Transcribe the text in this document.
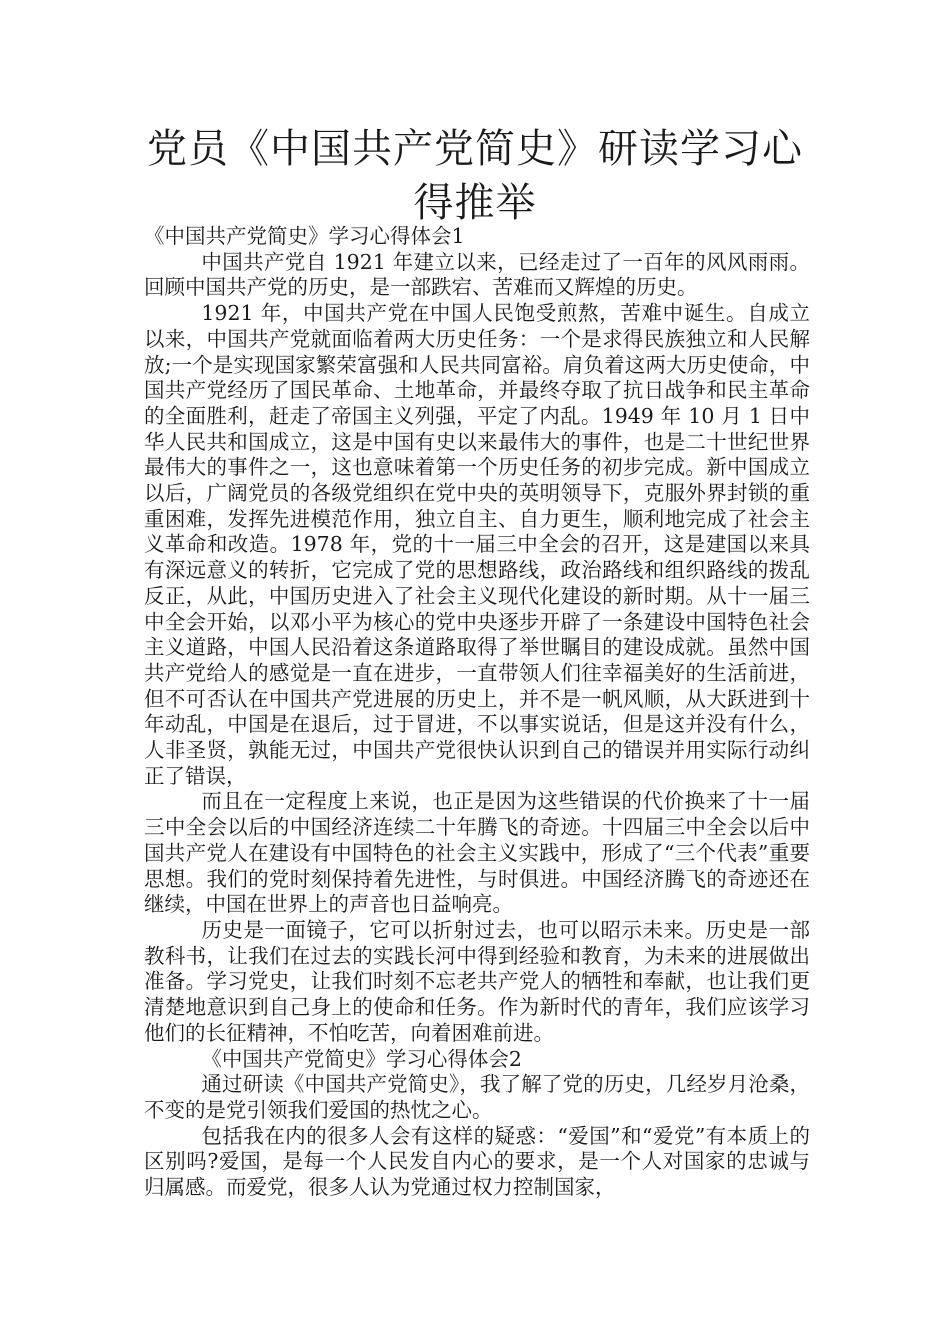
党员《中国共产党简史》研读学习心得推举

《中国共产党简史》学习心得体会1

中国共产党自 1921 年建立以来，已经走过了一百年的风风雨雨。回顾中国共产党的历史，是一部跌宕、苦难而又辉煌的历史。

1921 年，中国共产党在中国人民饱受煎熬，苦难中诞生。自成立以来，中国共产党就面临着两大历史任务：一个是求得民族独立和人民解放;一个是实现国家繁荣富强和人民共同富裕。肩负着这两大历史使命，中国共产党经历了国民革命、土地革命，并最终夺取了抗日战争和民主革命的全面胜利，赶走了帝国主义列强，平定了内乱。1949 年 10 月 1 日中华人民共和国成立，这是中国有史以来最伟大的事件，也是二十世纪世界最伟大的事件之一，这也意味着第一个历史任务的初步完成。新中国成立以后，广阔党员的各级党组织在党中央的英明领导下，克服外界封锁的重重困难，发挥先进模范作用，独立自主、自力更生，顺利地完成了社会主义革命和改造。1978 年，党的十一届三中全会的召开，这是建国以来具有深远意义的转折，它完成了党的思想路线，政治路线和组织路线的拨乱反正，从此，中国历史进入了社会主义现代化建设的新时期。从十一届三中全会开始，以邓小平为核心的党中央逐步开辟了一条建设中国特色社会主义道路，中国人民沿着这条道路取得了举世瞩目的建设成就。虽然中国共产党给人的感觉是一直在进步，一直带领人们往幸福美好的生活前进，但不可否认在中国共产党进展的历史上，并不是一帆风顺，从大跃进到十年动乱，中国是在退后，过于冒进，不以事实说话，但是这并没有什么，人非圣贤，孰能无过，中国共产党很快认识到自己的错误并用实际行动纠正了错误，

而且在一定程度上来说，也正是因为这些错误的代价换来了十一届三中全会以后的中国经济连续二十年腾飞的奇迹。十四届三中全会以后中国共产党人在建设有中国特色的社会主义实践中，形成了“三个代表”重要思想。我们的党时刻保持着先进性，与时俱进。中国经济腾飞的奇迹还在继续，中国在世界上的声音也日益响亮。

历史是一面镜子，它可以折射过去，也可以昭示未来。历史是一部教科书，让我们在过去的实践长河中得到经验和教育，为未来的进展做出准备。学习党史，让我们时刻不忘老共产党人的牺牲和奉献，也让我们更清楚地意识到自己身上的使命和任务。作为新时代的青年，我们应该学习他们的长征精神，不怕吃苦，向着困难前进。

《中国共产党简史》学习心得体会2

通过研读《中国共产党简史》，我了解了党的历史，几经岁月沧桑，不变的是党引领我们爱国的热忱之心。

包括我在内的很多人会有这样的疑惑：“爱国”和“爱党”有本质上的区别吗?爱国，是每一个人民发自内心的要求，是一个人对国家的忠诚与归属感。而爱党，很多人认为党通过权力控制国家，
